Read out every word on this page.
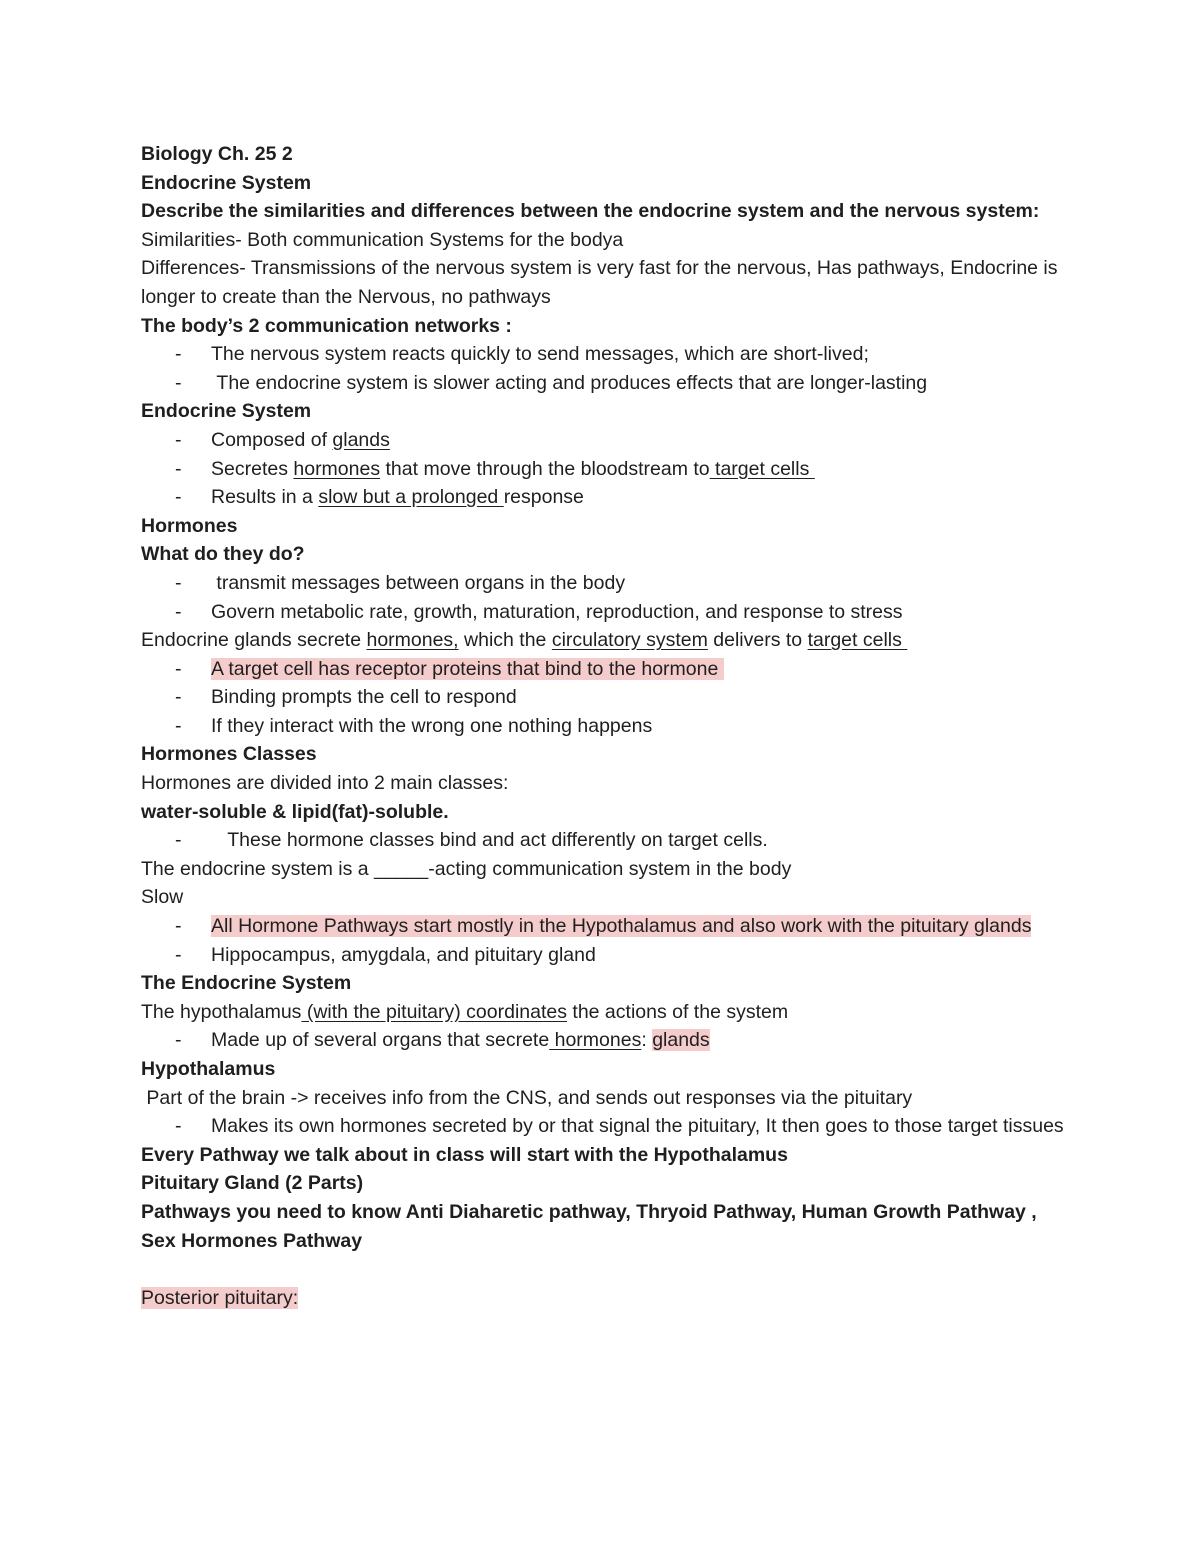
Biology Ch. 25 2
Endocrine System
Describe the similarities and differences between the endocrine system and the nervous system:
Similarities- Both communication Systems for the bodya
Differences- Transmissions of the nervous system is very fast for the nervous, Has pathways, Endocrine is longer to create than the Nervous, no pathways
The body’s 2 communication networks :
- The nervous system reacts quickly to send messages, which are short-lived;
- The endocrine system is slower acting and produces effects that are longer-lasting
Endocrine System
- Composed of glands
- Secretes hormones that move through the bloodstream to target cells
- Results in a slow but a prolonged response
Hormones
What do they do?
- transmit messages between organs in the body
- Govern metabolic rate, growth, maturation, reproduction, and response to stress
Endocrine glands secrete hormones, which the circulatory system delivers to target cells
- A target cell has receptor proteins that bind to the hormone
- Binding prompts the cell to respond
- If they interact with the wrong one nothing happens
Hormones Classes
Hormones are divided into 2 main classes:
water-soluble & lipid(fat)-soluble.
- These hormone classes bind and act differently on target cells.
The endocrine system is a _____-acting communication system in the body
Slow
- All Hormone Pathways start mostly in the Hypothalamus and also work with the pituitary glands
- Hippocampus, amygdala, and pituitary gland
The Endocrine System
The hypothalamus (with the pituitary) coordinates the actions of the system
- Made up of several organs that secrete hormones: glands
Hypothalamus
Part of the brain -> receives info from the CNS, and sends out responses via the pituitary
- Makes its own hormones secreted by or that signal the pituitary, It then goes to those target tissues
Every Pathway we talk about in class will start with the Hypothalamus
Pituitary Gland (2 Parts)
Pathways you need to know Anti Diaharetic pathway, Thryoid Pathway, Human Growth Pathway , Sex Hormones Pathway
Posterior pituitary:
